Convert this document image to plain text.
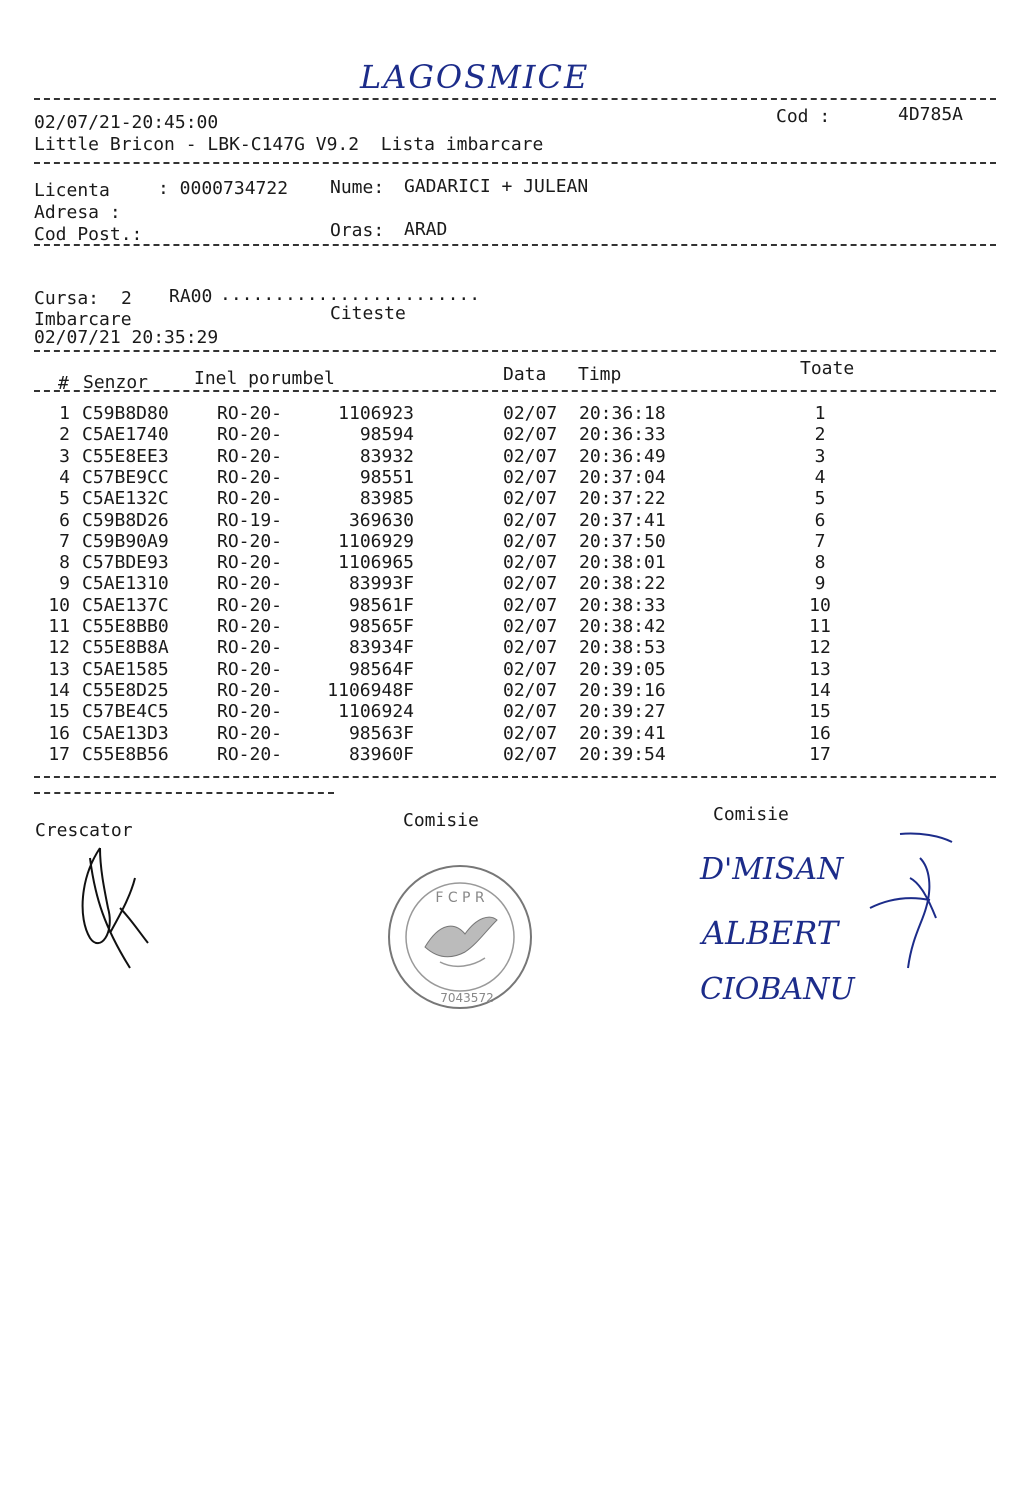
LAGOSMICE
02/07/21-20:45:00	Cod :	4D785A
Little Bricon - LBK-C147G V9.2  Lista imbarcare
Licenta	: 0000734722 Nume: GADARICI + JULEAN
Adresa :
Cod Post.:	Oras: ARAD
Cursa: 2 RA00 ........................
Imbarcare	Citeste
02/07/21 20:35:29
# Senzor	Inel porumbel	Data Timp	Toate
1 C59B8D80	RO-20-	1106923	02/07 20:36:18	1
2 C5AE1740	RO-20-	98594	02/07 20:36:33	2
3 C55E8EE3	RO-20-	83932	02/07 20:36:49	3
4 C57BE9CC	RO-20-	98551	02/07 20:37:04	4
5 C5AE132C	RO-20-	83985	02/07 20:37:22	5
6 C59B8D26	RO-19-	369630	02/07 20:37:41	6
7 C59B90A9	RO-20-	1106929	02/07 20:37:50	7
8 C57BDE93	RO-20-	1106965	02/07 20:38:01	8
9 C5AE1310	RO-20-	83993F	02/07 20:38:22	9
10 C5AE137C	RO-20-	98561F	02/07 20:38:33	10
11 C55E8BB0	RO-20-	98565F	02/07 20:38:42	11
12 C55E8B8A	RO-20-	83934F	02/07 20:38:53	12
13 C5AE1585	RO-20-	98564F	02/07 20:39:05	13
14 C55E8D25	RO-20-	1106948F	02/07 20:39:16	14
15 C57BE4C5	RO-20-	1106924	02/07 20:39:27	15
16 C5AE13D3	RO-20-	98563F	02/07 20:39:41	16
17 C55E8B56	RO-20-	83960F	02/07 20:39:54	17
Crescator	Comisie	Comisie
F C P R
7043572
D'MISAN
ALBERT
CIOBANU
